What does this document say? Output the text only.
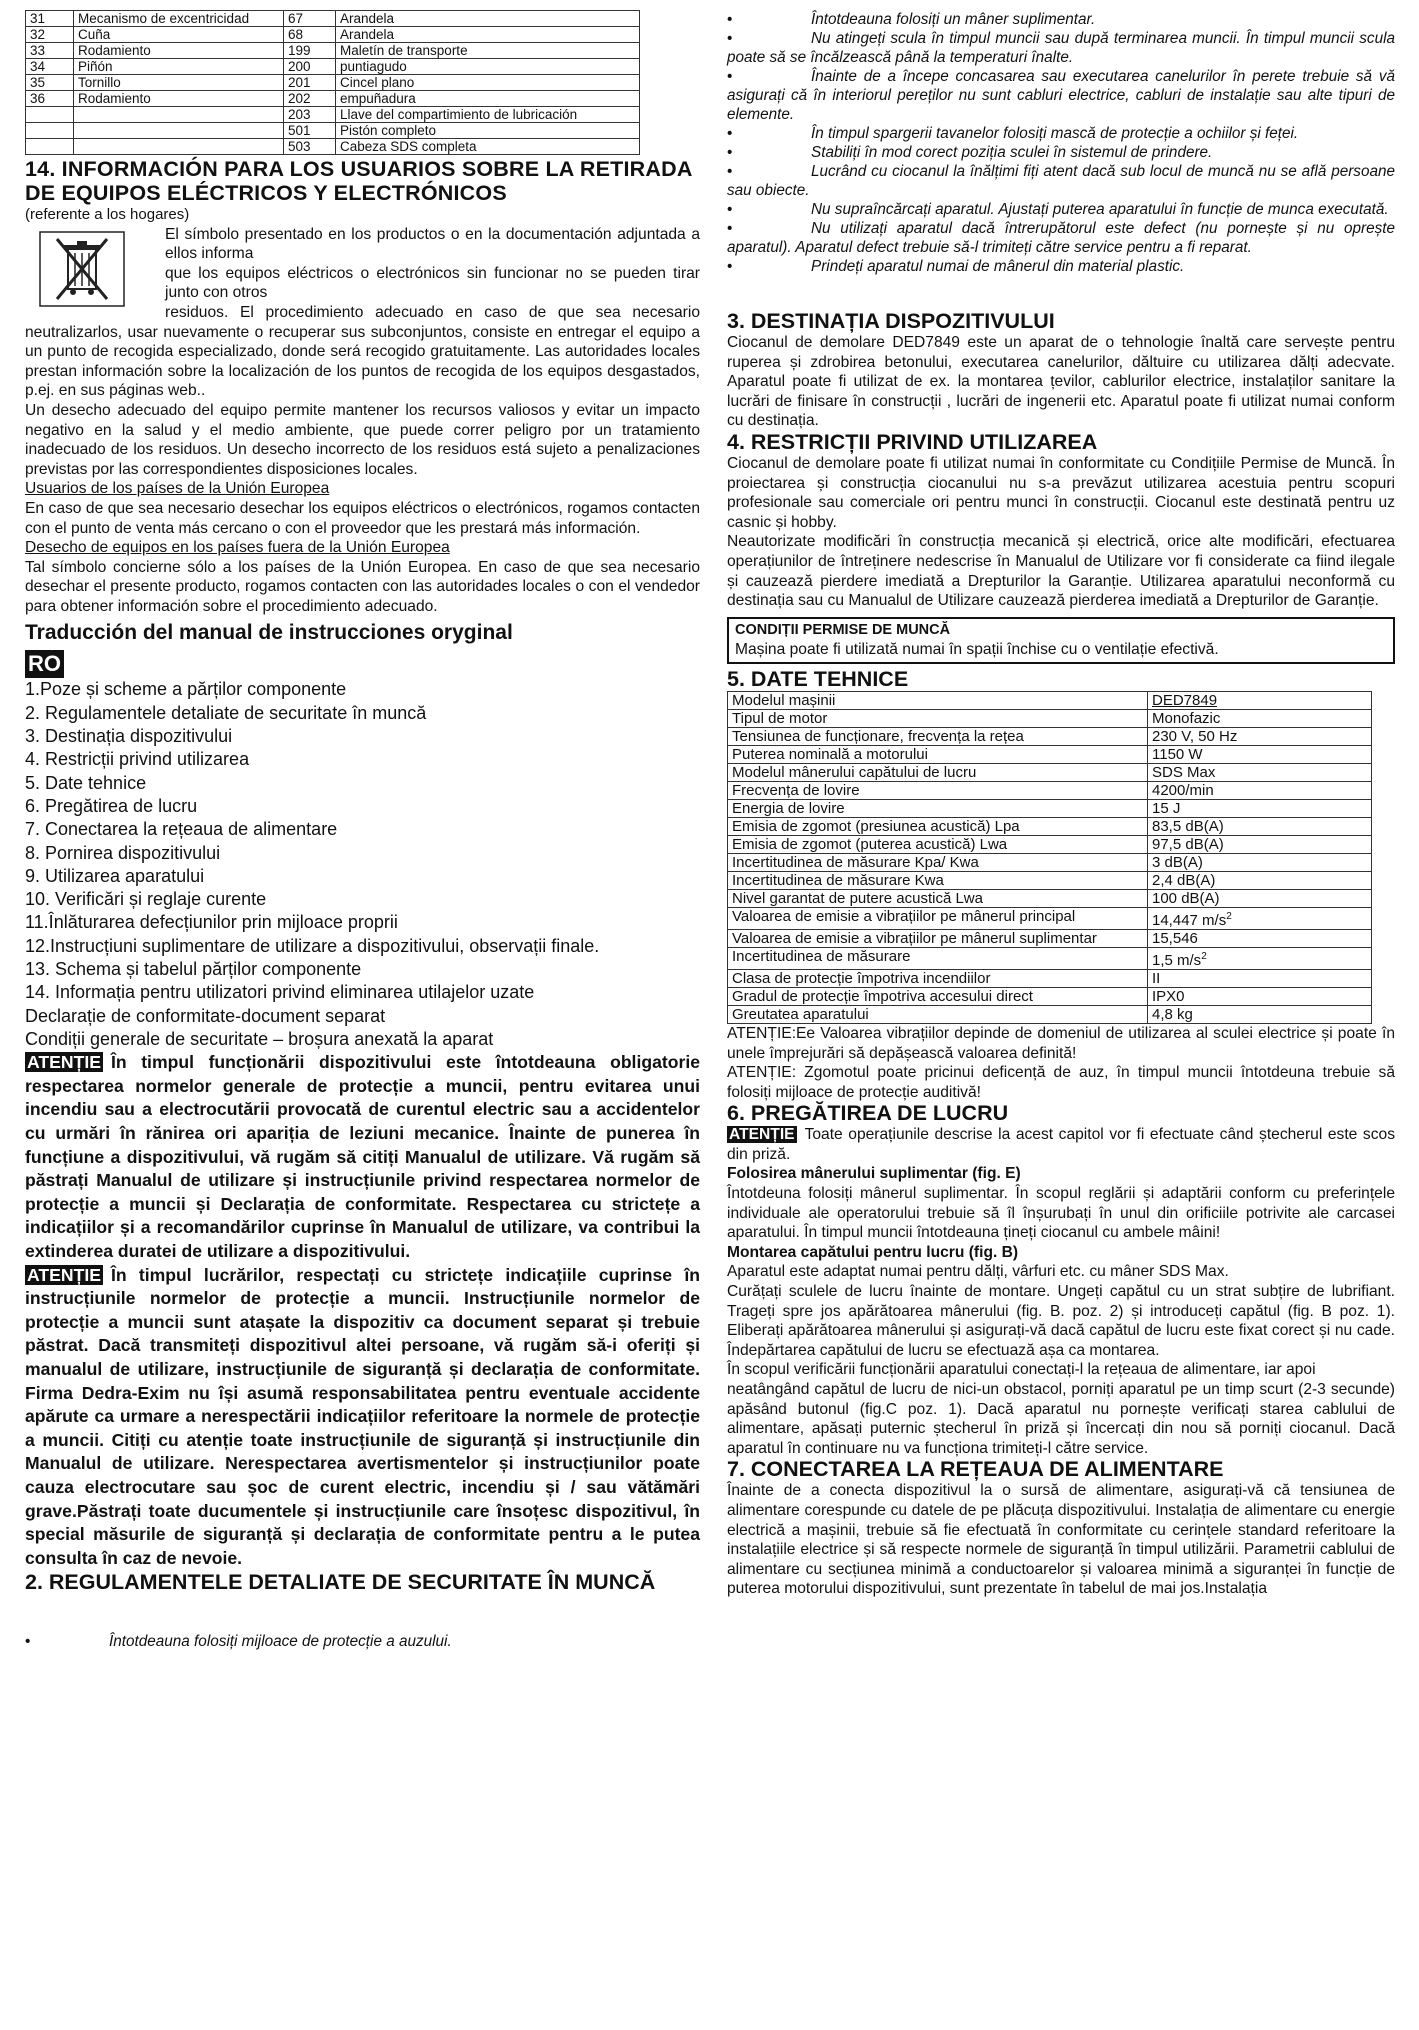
31	Mecanismo de excentricidad	67	Arandela
32	Cuña	68	Arandela
33	Rodamiento	199	Maletín de transporte
34	Piñón	200	puntiagudo
35	Tornillo	201	Cincel plano
36	Rodamiento	202	empuñadura
		203	Llave del compartimiento de lubricación
		501	Pistón completo
		503	Cabeza SDS completa
14. INFORMACIÓN PARA LOS USUARIOS SOBRE LA RETIRADA DE EQUIPOS ELÉCTRICOS Y ELECTRÓNICOS
(referente a los hogares)
El símbolo presentado en los productos o en la documentación adjuntada a ellos informa
que los equipos eléctricos o electrónicos sin funcionar no se pueden tirar junto con otros
residuos. El procedimiento adecuado en caso de que sea necesario neutralizarlos, usar nuevamente o recuperar sus subconjuntos, consiste en entregar el equipo a un punto de recogida especializado, donde será recogido gratuitamente. Las autoridades locales prestan información sobre la localización de los puntos de recogida de los equipos desgastados, p.ej. en sus páginas web..
Un desecho adecuado del equipo permite mantener los recursos valiosos y evitar un impacto negativo en la salud y el medio ambiente, que puede correr peligro por un tratamiento inadecuado de los residuos. Un desecho incorrecto de los residuos está sujeto a penalizaciones previstas por las correspondientes disposiciones locales.
Usuarios de los países de la Unión Europea
En caso de que sea necesario desechar los equipos eléctricos o electrónicos, rogamos contacten con el punto de venta más cercano o con el proveedor que les prestará más información.
Desecho de equipos en los países fuera de la Unión Europea
Tal símbolo concierne sólo a los países de la Unión Europea. En caso de que sea necesario desechar el presente producto, rogamos contacten con las autoridades locales o con el vendedor para obtener información sobre el procedimiento adecuado.
Traducción del manual de instrucciones oryginal
RO
1.Poze și scheme a părților componente
2. Regulamentele detaliate de securitate în muncă
3. Destinația dispozitivului
4. Restricții privind utilizarea
5. Date tehnice
6. Pregătirea de lucru
7. Conectarea la rețeaua de alimentare
8. Pornirea dispozitivului
9. Utilizarea aparatului
10. Verificări și reglaje curente
11.Înlăturarea defecțiunilor prin mijloace proprii
12.Instrucțiuni suplimentare de utilizare a dispozitivului, observații finale.
13. Schema și tabelul părților componente
14. Informația pentru utilizatori privind eliminarea utilajelor uzate
Declarație de conformitate-document separat
Condiții generale de securitate – broșura anexată la aparat
ATENȚIE În timpul funcționării dispozitivului este întotdeauna obligatorie respectarea normelor generale de protecție a muncii, pentru evitarea unui incendiu sau a electrocutării provocată de curentul electric sau a accidentelor cu urmări în rănirea ori apariția de leziuni mecanice. Înainte de punerea în funcțiune a dispozitivului, vă rugăm să citiți Manualul de utilizare. Vă rugăm să păstrați Manualul de utilizare și instrucțiunile privind respectarea normelor de protecție a muncii și Declarația de conformitate. Respectarea cu strictețe a indicațiilor și a recomandărilor cuprinse în Manualul de utilizare, va contribui la extinderea duratei de utilizare a dispozitivului.
ATENȚIE În timpul lucrărilor, respectați cu strictețe indicațiile cuprinse în instrucțiunile normelor de protecție a muncii. Instrucțiunile normelor de protecție a muncii sunt atașate la dispozitiv ca document separat și trebuie păstrat. Dacă transmiteți dispozitivul altei persoane, vă rugăm să-i oferiți și manualul de utilizare, instrucțiunile de siguranță și declarația de conformitate. Firma Dedra-Exim nu își asumă responsabilitatea pentru eventuale accidente apărute ca urmare a nerespectării indicațiilor referitoare la normele de protecție a muncii. Citiți cu atenție toate instrucțiunile de siguranță și instrucțiunile din Manualul de utilizare. Nerespectarea avertismentelor și instrucțiunilor poate cauza electrocutare sau șoc de curent electric, incendiu și / sau vătămări grave.Păstrați toate ducumentele și instrucțiunile care însoțesc dispozitivul, în special măsurile de siguranță și declarația de conformitate pentru a le putea consulta în caz de nevoie.
2. REGULAMENTELE DETALIATE DE SECURITATE ÎN MUNCĂ
•	Întotdeauna folosiți mijloace de protecție a auzului.
•	Întotdeauna folosiți un mâner suplimentar.
•	Nu atingeți scula în timpul muncii sau după terminarea muncii. În timpul muncii scula poate să se încălzească până la temperaturi înalte.
•	Înainte de a începe concasarea sau executarea canelurilor în perete trebuie să vă asigurați că în interiorul pereților nu sunt cabluri electrice, cabluri de instalație sau alte tipuri de elemente.
•	În timpul spargerii tavanelor folosiți mască de protecție a ochiilor și feței.
•	Stabiliți în mod corect poziția sculei în sistemul de prindere.
•	Lucrând cu ciocanul la înălțimi fiți atent dacă sub locul de muncă nu se află persoane sau obiecte.
•	Nu suprаîncărcați aparatul. Ajustați puterea aparatului în funcție de munca executată.
•	Nu utilizați aparatul dacă întrerupătorul este defect (nu pornește și nu oprește aparatul). Aparatul defect trebuie să-l trimiteți către service pentru a fi reparat.
•	Prindeți aparatul numai de mânerul din material plastic.
3. DESTINAȚIA DISPOZITIVULUI
Ciocanul de demolare DED7849 este un aparat de o tehnologie înaltă care servește pentru ruperea și zdrobirea betonului, executarea canelurilor, dăltuire cu utilizarea dălți adecvate. Aparatul poate fi utilizat de ex. la montarea țevilor, cablurilor electrice, instalaților sanitare la lucrări de finisare în construcții , lucrări de ingenerii etc. Aparatul poate fi utilizat numai conform cu destinația.
4. RESTRICȚII PRIVIND UTILIZAREA
Ciocanul de demolare poate fi utilizat numai în conformitate cu Condițiile Permise de Muncă. În proiectarea și construcția ciocanului nu s-a prevăzut utilizarea acestuia pentru scopuri profesionale sau comerciale ori pentru munci în construcții. Ciocanul este destinată pentru uz casnic și hobby.
Neautorizate modificări în construcția mecanică și electrică, orice alte modificări, efectuarea operațiunilor de întreținere nedescrise în Manualul de Utilizare vor fi considerate ca fiind ilegale și cauzează pierdere imediată a Drepturilor la Garanție. Utilizarea aparatului neconformă cu destinația sau cu Manualul de Utilizare cauzează pierderea imediată a Drepturilor de Garanție.
CONDIȚII PERMISE DE MUNCĂ
Mașina poate fi utilizată numai în spații închise cu o ventilație efectivă.
5. DATE TEHNICE
Modelul mașinii	DED7849
Tipul de motor	Monofazic
Tensiunea de funcționare, frecvența la rețea	230 V, 50 Hz
Puterea nominală a motorului	1150 W
Modelul mânerului capătului de lucru	SDS Max
Frecvența de lovire	4200/min
Energia de lovire	15 J
Emisia de zgomot (presiunea acustică) Lpa	83,5 dB(A)
Emisia de zgomot (puterea acustică) Lwa	97,5 dB(A)
Incertitudinea de măsurare Kpa/ Kwa	3 dB(A)
Incertitudinea de măsurare Kwa	2,4 dB(A)
Nivel garantat de putere acustică Lwa	100 dB(A)
Valoarea de emisie a vibrațiilor pe mânerul principal	14,447 $m/s^2$
Valoarea de emisie a vibrațiilor pe mânerul suplimentar	15,546
Incertitudinea de măsurare	1,5 $m/s^2$
Clasa de protecție împotriva incendiilor	II
Gradul de protecție împotriva accesului direct	IPX0
Greutatea aparatului	4,8 kg
ATENȚIE:Ee Valoarea vibrațiilor depinde de domeniul de utilizarea al sculei electrice și poate în unele împrejurări să depășească valoarea definită!
ATENȚIE: Zgomotul poate pricinui deficență de auz, în timpul muncii întotdeuna trebuie să folosiți mijloace de protecție auditivă!
6. PREGĂTIREA DE LUCRU
ATENȚIE Toate operațiunile descrise la acest capitol vor fi efectuate când ștecherul este scos din priză.
Folosirea mânerului suplimentar (fig. E)
Întotdeuna folosiți mânerul suplimentar. În scopul reglării și adaptării conform cu preferințele individuale ale operatorului trebuie să îl înșurubați în unul din orificiile potrivite ale carcasei aparatului. În timpul muncii întotdeauna țineți ciocanul cu ambele mâini!
Montarea capătului pentru lucru (fig. B)
Aparatul este adaptat numai pentru dălți, vârfuri etc. cu mâner SDS Max.
Curățați sculele de lucru înainte de montare. Ungeți capătul cu un strat subțire de lubrifiant. Trageți spre jos apărătoarea mânerului (fig. B. poz. 2) și introduceți capătul (fig. B poz. 1). Eliberați apărătoarea mânerului și asigurați-vă dacă capătul de lucru este fixat corect și nu cade. Îndepărtarea capătului de lucru se efectuază așa ca montarea.
În scopul verificării funcționării aparatului conectați-l la rețeaua de alimentare, iar apoi
neatângând capătul de lucru de nici-un obstacol, porniți aparatul pe un timp scurt (2-3 secunde) apăsând butonul (fig.C poz. 1). Dacă aparatul nu pornește verificați starea cablului de alimentare, apăsați puternic ștecherul în priză și încercați din nou să porniți ciocanul. Dacă aparatul în continuare nu va funcționa trimiteți-l către service.
7. CONECTAREA LA REȚEAUA DE ALIMENTARE
Înainte de a conecta dispozitivul la o sursă de alimentare, asigurați-vă că tensiunea de alimentare corespunde cu datele de pe plăcuța dispozitivului. Instalația de alimentare cu energie electrică a mașinii, trebuie să fie efectuată în conformitate cu cerințele standard referitoare la instalațiile electrice și să respecte normele de siguranță în timpul utilizării. Parametrii cablului de alimentare cu secțiunea minimă a conductoarelor și valoarea minimă a siguranței în funcție de puterea motorului dispozitivului, sunt prezentate în tabelul de mai jos.Instalația
